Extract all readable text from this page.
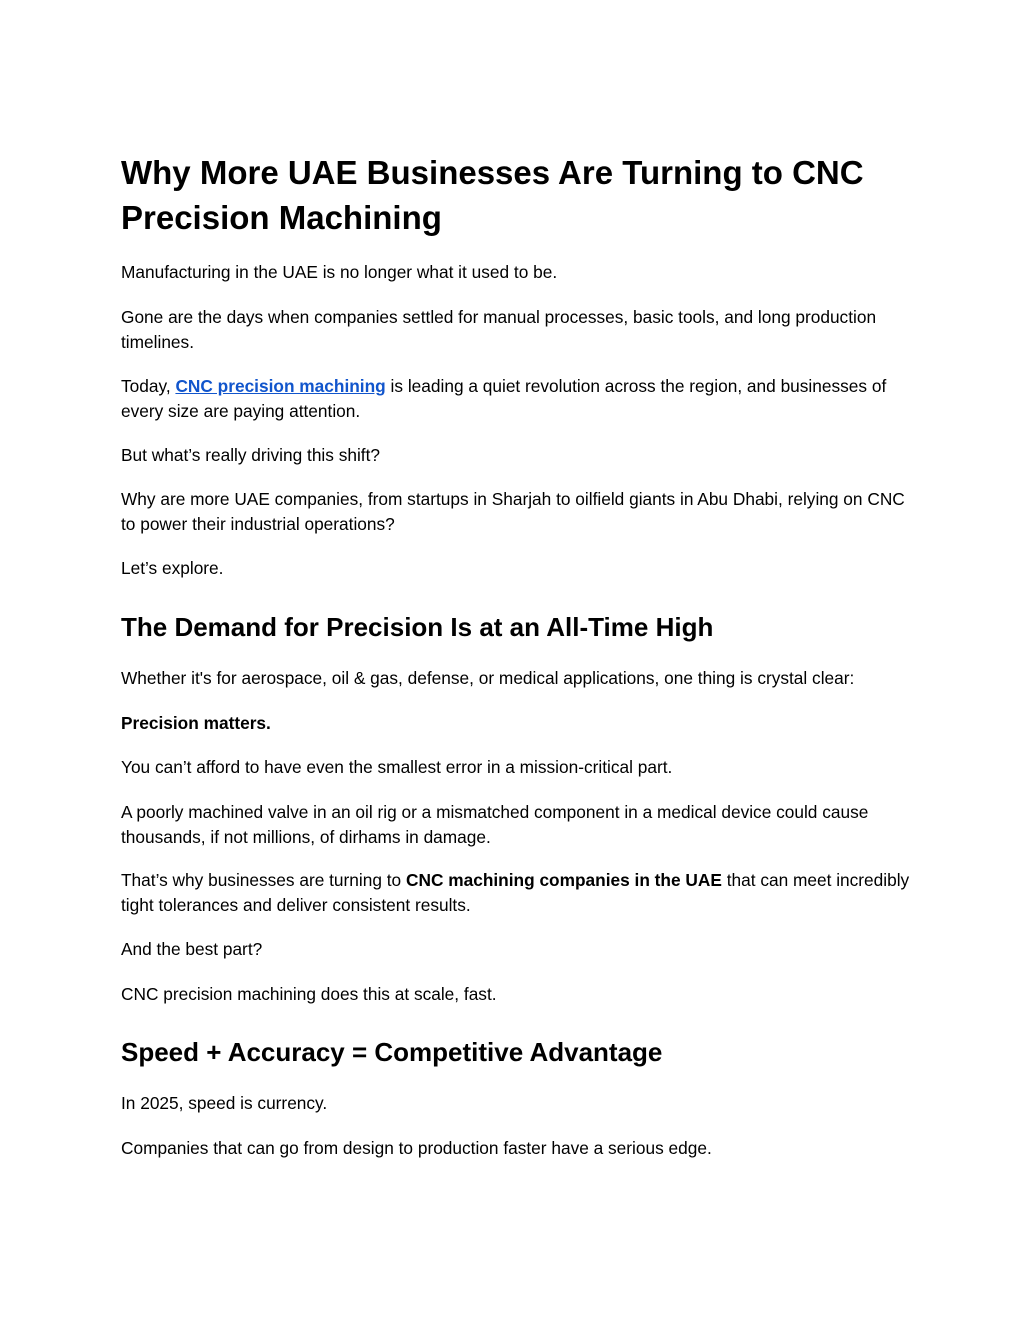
Why More UAE Businesses Are Turning to CNC Precision Machining

Manufacturing in the UAE is no longer what it used to be.

Gone are the days when companies settled for manual processes, basic tools, and long production timelines.

Today, CNC precision machining is leading a quiet revolution across the region, and businesses of every size are paying attention.

But what’s really driving this shift?

Why are more UAE companies, from startups in Sharjah to oilfield giants in Abu Dhabi, relying on CNC to power their industrial operations?

Let’s explore.

The Demand for Precision Is at an All-Time High

Whether it's for aerospace, oil & gas, defense, or medical applications, one thing is crystal clear:

Precision matters.

You can’t afford to have even the smallest error in a mission-critical part.

A poorly machined valve in an oil rig or a mismatched component in a medical device could cause thousands, if not millions, of dirhams in damage.

That’s why businesses are turning to CNC machining companies in the UAE that can meet incredibly tight tolerances and deliver consistent results.

And the best part?

CNC precision machining does this at scale, fast.

Speed + Accuracy = Competitive Advantage

In 2025, speed is currency.

Companies that can go from design to production faster have a serious edge.
